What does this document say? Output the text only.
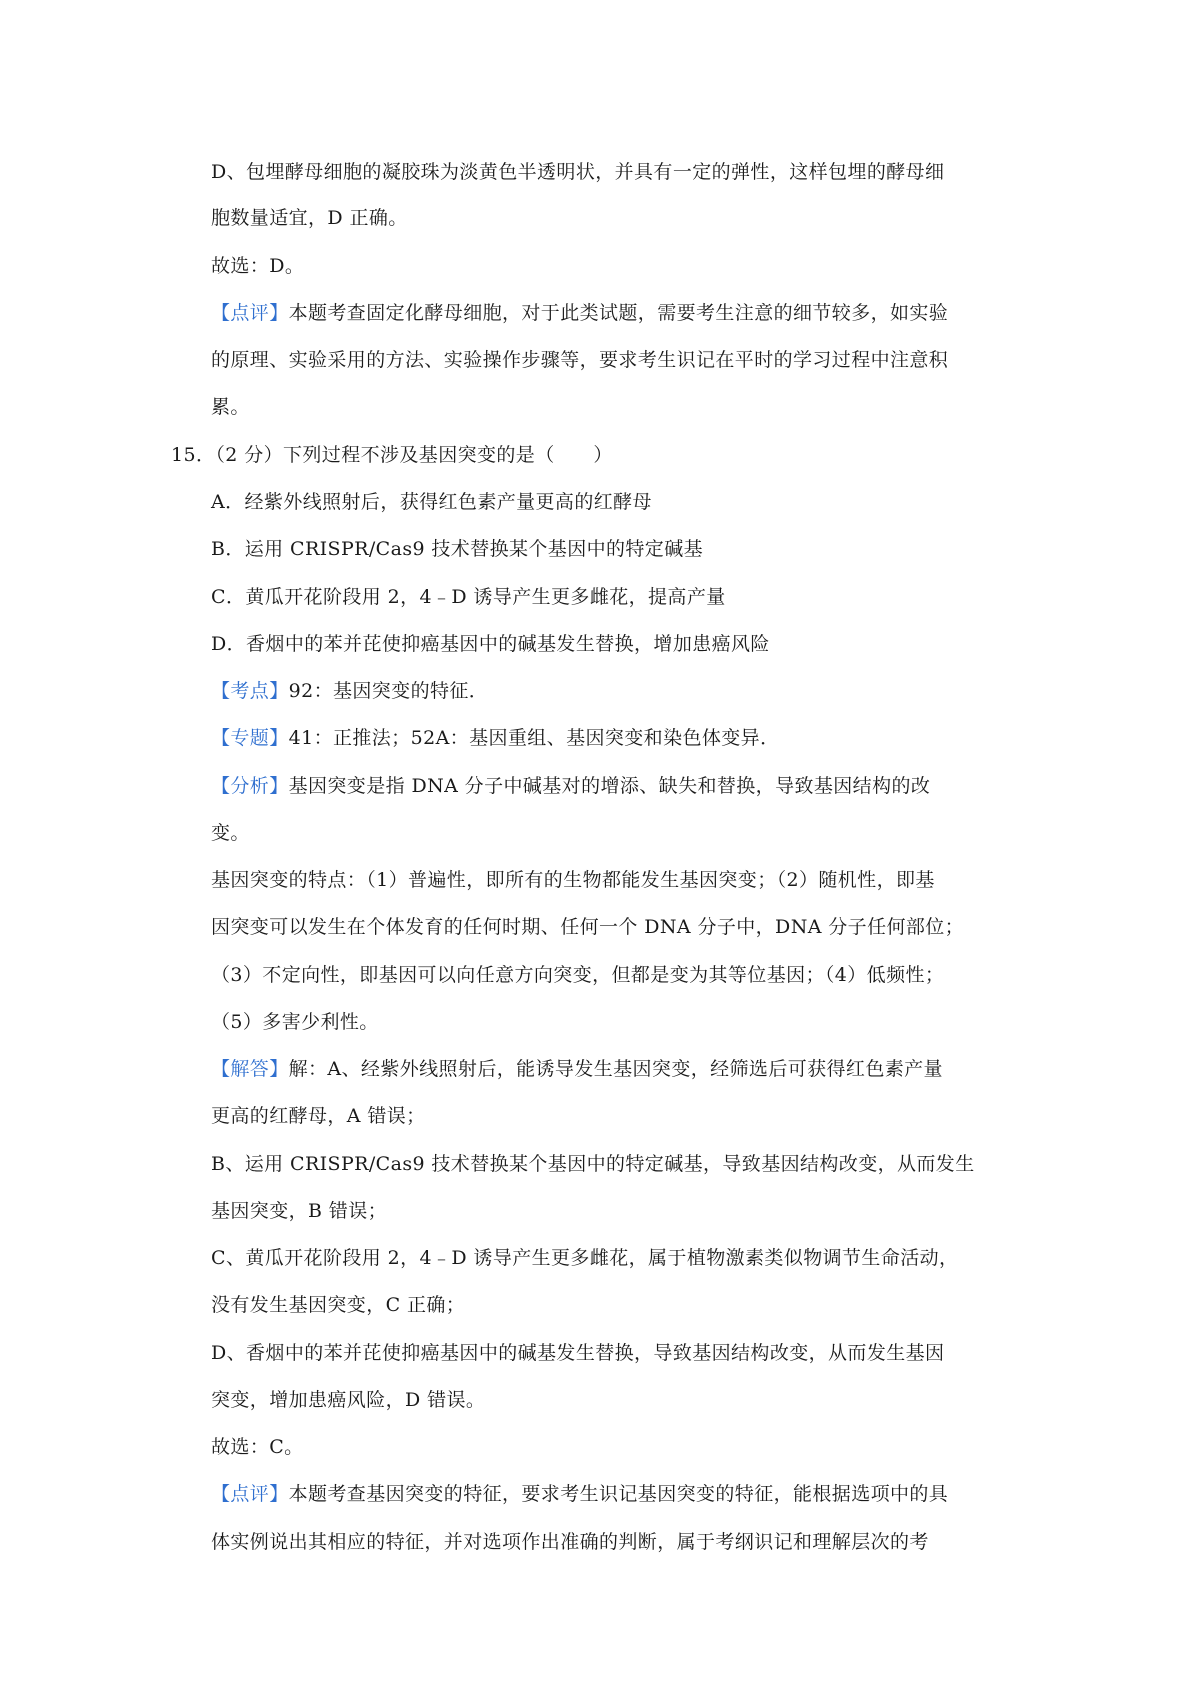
D、包埋酵母细胞的凝胶珠为淡黄色半透明状，并具有一定的弹性，这样包埋的酵母细
胞数量适宜，D 正确。
故选：D。
【点评】本题考查固定化酵母细胞，对于此类试题，需要考生注意的细节较多，如实验
的原理、实验采用的方法、实验操作步骤等，要求考生识记在平时的学习过程中注意积
累。
15．（2 分）下列过程不涉及基因突变的是（　　）
A．经紫外线照射后，获得红色素产量更高的红酵母
B．运用 CRISPR/Cas9 技术替换某个基因中的特定碱基
C．黄瓜开花阶段用 2，4﹣D 诱导产生更多雌花，提高产量
D．香烟中的苯并芘使抑癌基因中的碱基发生替换，增加患癌风险
【考点】92：基因突变的特征．
【专题】41：正推法；52A：基因重组、基因突变和染色体变异．
【分析】基因突变是指 DNA 分子中碱基对的增添、缺失和替换，导致基因结构的改
变。
基因突变的特点：（1）普遍性，即所有的生物都能发生基因突变；（2）随机性，即基
因突变可以发生在个体发育的任何时期、任何一个 DNA 分子中，DNA 分子任何部位；
（3）不定向性，即基因可以向任意方向突变，但都是变为其等位基因；（4）低频性；
（5）多害少利性。
【解答】解：A、经紫外线照射后，能诱导发生基因突变，经筛选后可获得红色素产量
更高的红酵母，A 错误；
B、运用 CRISPR/Cas9 技术替换某个基因中的特定碱基，导致基因结构改变，从而发生
基因突变，B 错误；
C、黄瓜开花阶段用 2，4﹣D 诱导产生更多雌花，属于植物激素类似物调节生命活动，
没有发生基因突变，C 正确；
D、香烟中的苯并芘使抑癌基因中的碱基发生替换，导致基因结构改变，从而发生基因
突变，增加患癌风险，D 错误。
故选：C。
【点评】本题考查基因突变的特征，要求考生识记基因突变的特征，能根据选项中的具
体实例说出其相应的特征，并对选项作出准确的判断，属于考纲识记和理解层次的考
